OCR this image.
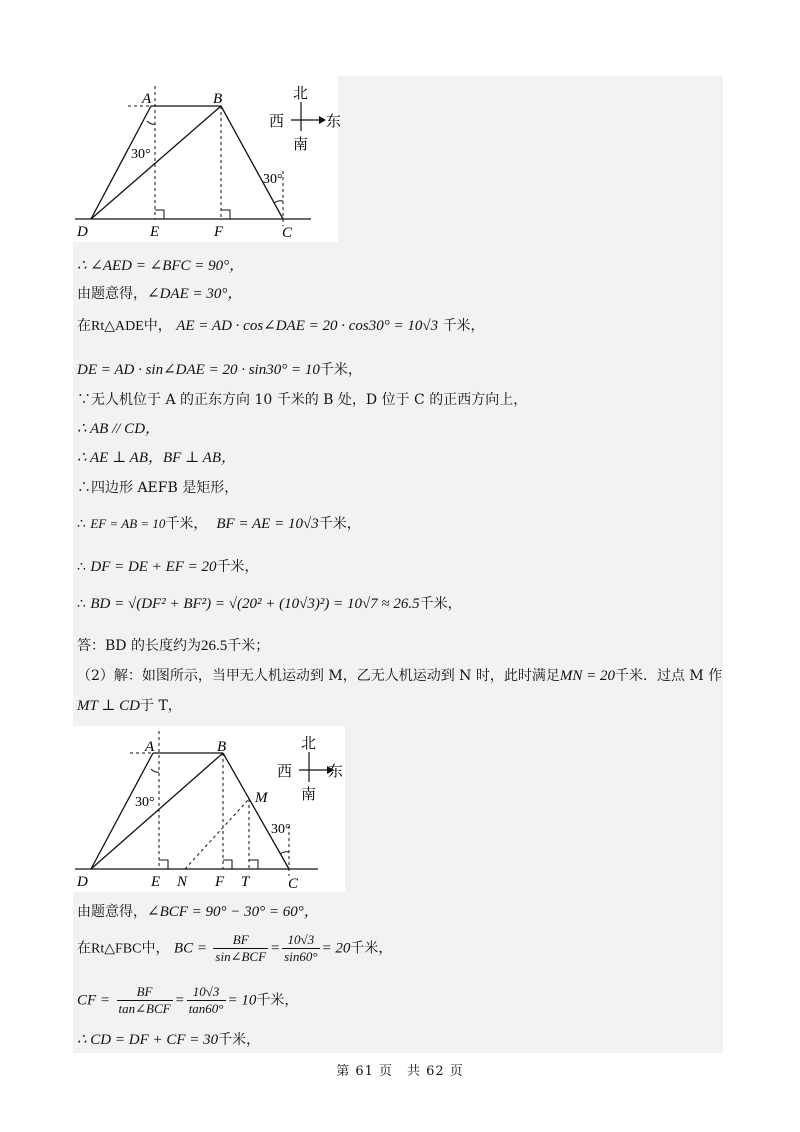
A	B
D	E	F	C
30°
30°
北
西	东
南
∴ ∠AED = ∠BFC = 90°，
由题意得，∠DAE = 30°，
在Rt△ADE中， AE = AD · cos∠DAE = 20 · cos30° = 10√3 千米，
DE = AD · sin∠DAE = 20 · sin30° = 10千米，
∵无人机位于 A 的正东方向 10 千米的 B 处，D 位于 C 的正西方向上，
∴ AB // CD，
∴ AE ⊥ AB，BF ⊥ AB，
∴四边形 AEFB 是矩形，
∴ EF = AB = 10千米， BF = AE = 10√3千米，
∴ DF = DE + EF = 20千米，
∴ BD = √(DF² + BF²) = √(20² + (10√3)²) = 10√7 ≈ 26.5千米，
答：BD 的长度约为26.5千米；
（2）解：如图所示，当甲无人机运动到 M，乙无人机运动到 N 时，此时满足MN = 20千米．过点 M 作
MT ⊥ CD于 T，
A	B
M
D	E N F T	C
30°
30°
北
西 东
南
由题意得，∠BCF = 90° − 30° = 60°，
在Rt△FBC中， BC = $\frac{BF}{\text{sin∠BCF}} = \frac{10√3}{\sin 60^\circ} = 20$千米，
CF = $\frac{BF}{\text{tan∠BCF}} = \frac{10√3}{\tan 60^\circ} = 10$千米，
∴ CD = DF + CF = 30千米，
第 61 页　共 62 页
